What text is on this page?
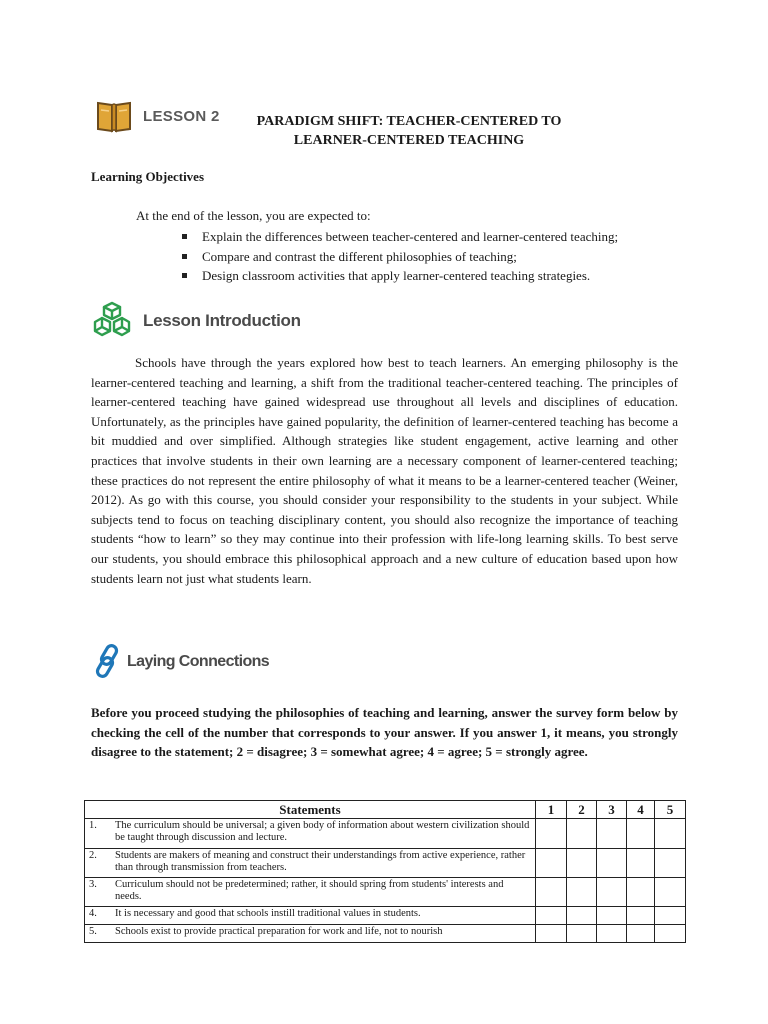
LESSON 2	PARADIGM SHIFT: TEACHER-CENTERED TO
LEARNER-CENTERED TEACHING
Learning Objectives
At the end of the lesson, you are expected to:
Explain the differences between teacher-centered and learner-centered teaching;
Compare and contrast the different philosophies of teaching;
Design classroom activities that apply learner-centered teaching strategies.
Lesson Introduction
Schools have through the years explored how best to teach learners. An emerging philosophy is the learner-centered teaching and learning, a shift from the traditional teacher-centered teaching. The principles of learner-centered teaching have gained widespread use throughout all levels and disciplines of education. Unfortunately, as the principles have gained popularity, the definition of learner-centered teaching has become a bit muddied and over simplified. Although strategies like student engagement, active learning and other practices that involve students in their own learning are a necessary component of learner-centered teaching; these practices do not represent the entire philosophy of what it means to be a learner-centered teacher (Weiner, 2012). As go with this course, you should consider your responsibility to the students in your subject. While subjects tend to focus on teaching disciplinary content, you should also recognize the importance of teaching students “how to learn” so they may continue into their profession with life-long learning skills. To best serve our students, you should embrace this philosophical approach and a new culture of education based upon how students learn not just what students learn.
Laying Connections
Before you proceed studying the philosophies of teaching and learning, answer the survey form below by checking the cell of the number that corresponds to your answer. If you answer 1, it means, you strongly disagree to the statement; 2 = disagree; 3 = somewhat agree; 4 = agree; 5 = strongly agree.
Statements	1	2	3	4	5

1. The curriculum should be universal; a given body of information about western civilization should be taught through discussion and lecture.					

2. Students are makers of meaning and construct their understandings from active experience, rather than through transmission from teachers.					

3. Curriculum should not be predetermined; rather, it should spring from students' interests and needs.					

4. It is necessary and good that schools instill traditional values in students.					

5. Schools exist to provide practical preparation for work and life, not to nourish					
